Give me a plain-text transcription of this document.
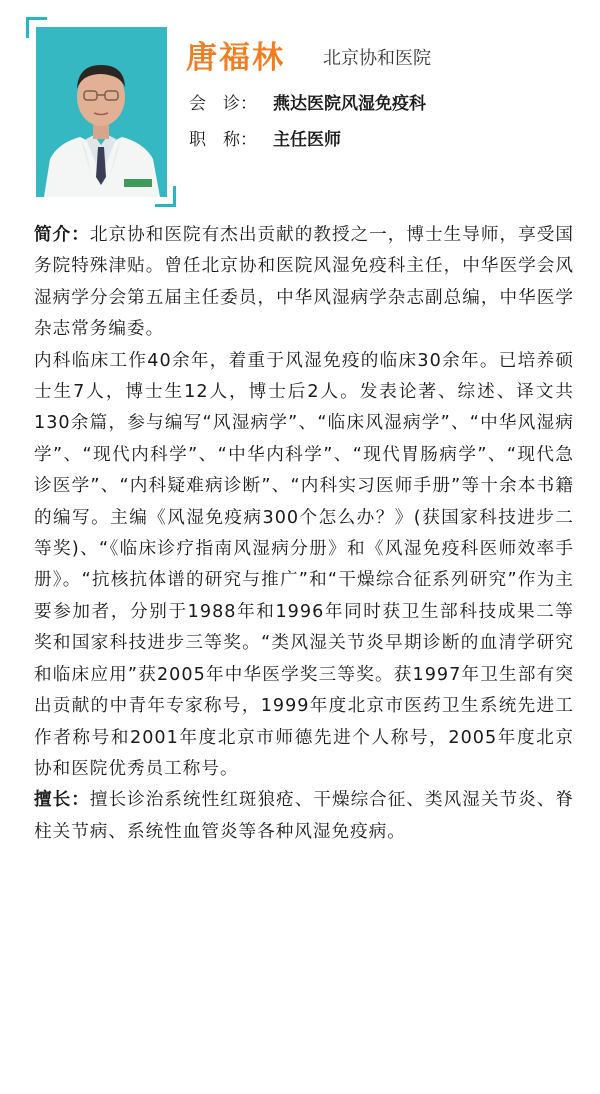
唐福林 北京协和医院
会　诊： 燕达医院风湿免疫科
职　称： 主任医师

简介：北京协和医院有杰出贡献的教授之一，博士生导师，享受国务院特殊津贴。曾任北京协和医院风湿免疫科主任，中华医学会风湿病学分会第五届主任委员，中华风湿病学杂志副总编，中华医学杂志常务编委。

内科临床工作40余年，着重于风湿免疫的临床30余年。已培养硕士生7人，博士生12人，博士后2人。发表论著、综述、译文共130余篇，参与编写“风湿病学”、“临床风湿病学”、“中华风湿病学”、“现代内科学”、“中华内科学”、“现代胃肠病学”、“现代急诊医学”、“内科疑难病诊断”、“内科实习医师手册”等十余本书籍的编写。主编《风湿免疫病300个怎么办？》(获国家科技进步二等奖)、“《临床诊疗指南风湿病分册》和《风湿免疫科医师效率手册》。“抗核抗体谱的研究与推广”和“干燥综合征系列研究”作为主要参加者，分别于1988年和1996年同时获卫生部科技成果二等奖和国家科技进步三等奖。“类风湿关节炎早期诊断的血清学研究和临床应用”获2005年中华医学奖三等奖。获1997年卫生部有突出贡献的中青年专家称号，1999年度北京市医药卫生系统先进工作者称号和2001年度北京市师德先进个人称号，2005年度北京协和医院优秀员工称号。

擅长：擅长诊治系统性红斑狼疮、干燥综合征、类风湿关节炎、脊柱关节病、系统性血管炎等各种风湿免疫病。
